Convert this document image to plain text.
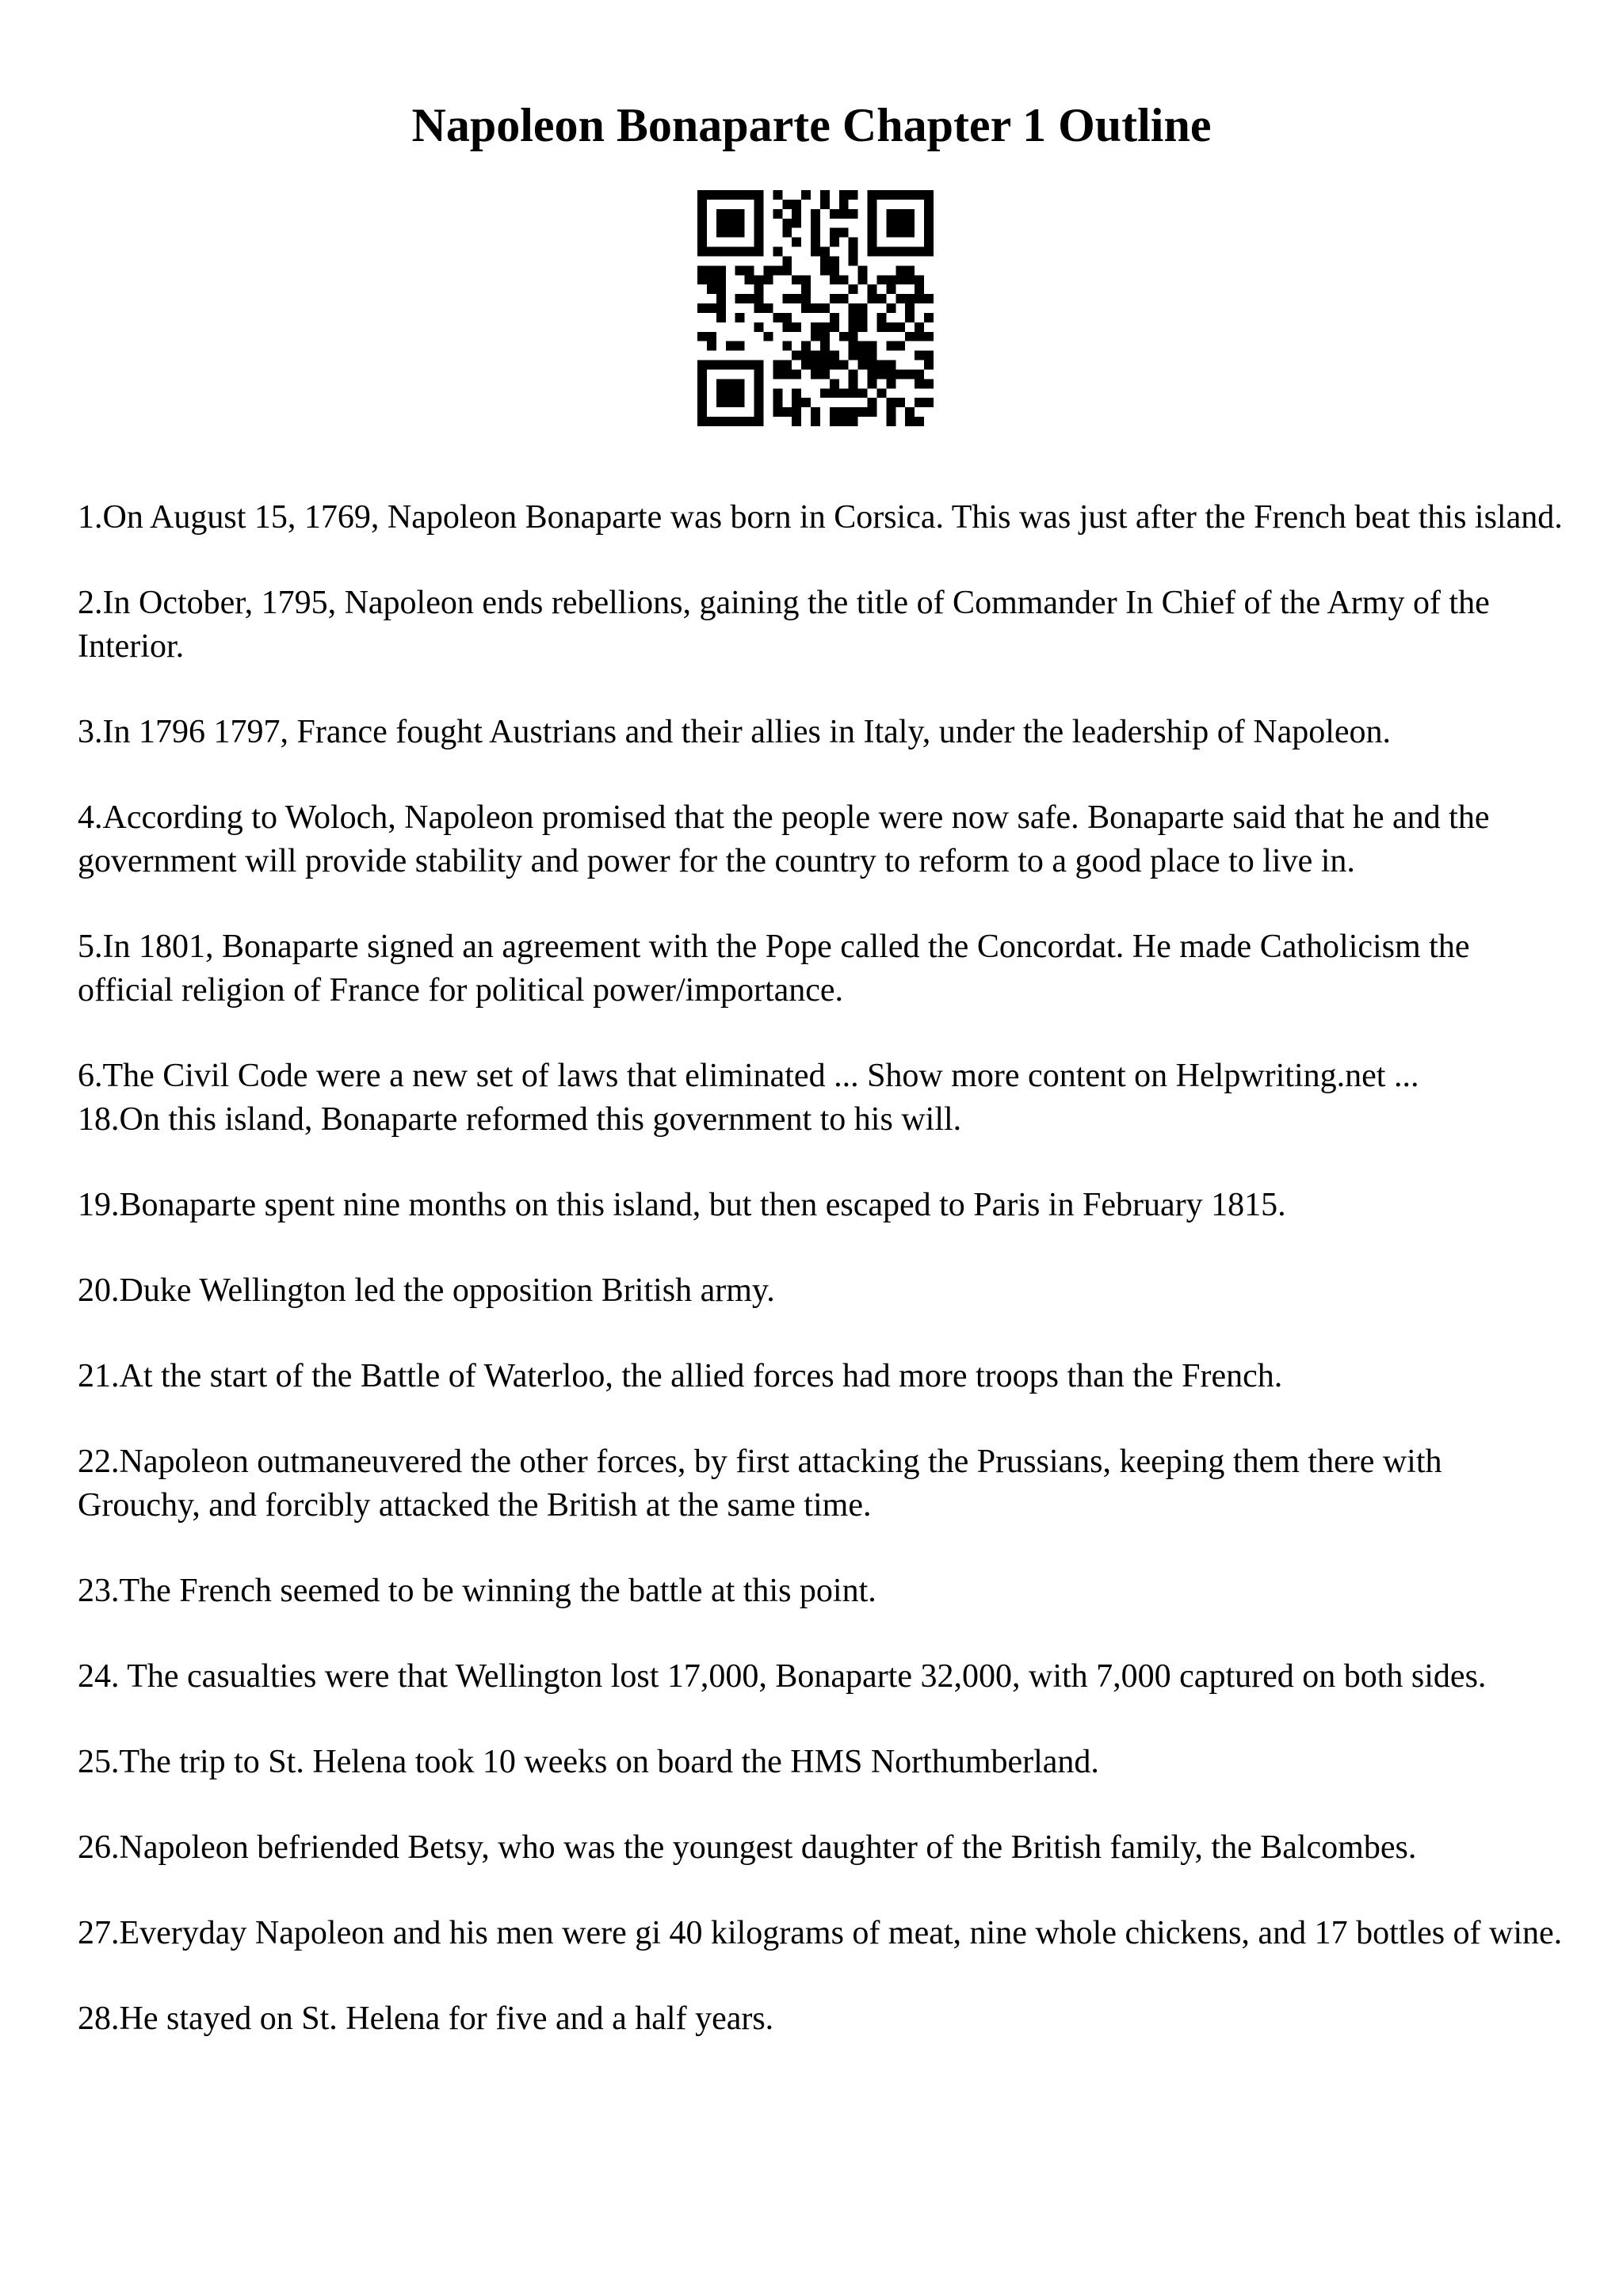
Napoleon Bonaparte Chapter 1 Outline
1.On August 15, 1769, Napoleon Bonaparte was born in Corsica. This was just after the French beat this island.
2.In October, 1795, Napoleon ends rebellions, gaining the title of Commander In Chief of the Army of the Interior.
3.In 1796 1797, France fought Austrians and their allies in Italy, under the leadership of Napoleon.
4.According to Woloch, Napoleon promised that the people were now safe. Bonaparte said that he and the government will provide stability and power for the country to reform to a good place to live in.
5.In 1801, Bonaparte signed an agreement with the Pope called the Concordat. He made Catholicism the official religion of France for political power/importance.
6.The Civil Code were a new set of laws that eliminated ... Show more content on Helpwriting.net ...
18.On this island, Bonaparte reformed this government to his will.
19.Bonaparte spent nine months on this island, but then escaped to Paris in February 1815.
20.Duke Wellington led the opposition British army.
21.At the start of the Battle of Waterloo, the allied forces had more troops than the French.
22.Napoleon outmaneuvered the other forces, by first attacking the Prussians, keeping them there with Grouchy, and forcibly attacked the British at the same time.
23.The French seemed to be winning the battle at this point.
24. The casualties were that Wellington lost 17,000, Bonaparte 32,000, with 7,000 captured on both sides.
25.The trip to St. Helena took 10 weeks on board the HMS Northumberland.
26.Napoleon befriended Betsy, who was the youngest daughter of the British family, the Balcombes.
27.Everyday Napoleon and his men were gi 40 kilograms of meat, nine whole chickens, and 17 bottles of wine.
28.He stayed on St. Helena for five and a half years.
